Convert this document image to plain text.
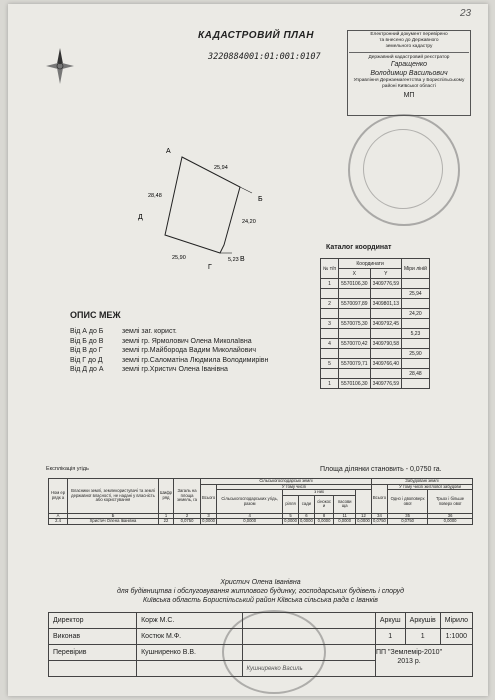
23
КАДАСТРОВИЙ ПЛАН
3220884001:01:001:0107
Електронний документ перевірено
та внесено до Державного
земельного кадастру
Державний кадастровий реєстратор
Гаращенко
Володимир Васильович
Управління Держземагентства у Бориспільському районі Київської області
МП
А
Б
В
Г
Д
25,94
24,20
5,23
25,90
28,48
Каталог координат
№ т/п	Координати		Міри ліній
	X	Y	
1	5570106,30	3409776,59	
			25,94
2	5570097,89	3409801,13	
			24,20
3	5570075,30	3409792,45	
			5,23
4	5570070,42	3409790,58	
			25,90
5	5570079,71	3409766,40	
			28,48
1	5570106,30	3409776,59	
ОПИС МЕЖ
Від А до Б	землі заг. корист.
Від Б до В	землі гр. Ярмолович Олена Миколаївна
Від В до Г	землі гр.Майборода Вадим Миколайович
Від Г до Д	землі гр.Саломатіна Людмила Володимирівн
Від Д до А	землі гр.Христич Олена Іванівна
Експлікація угідь	Площа ділянки становить - 0,0750 га.
Ном ер рядк а	Власники землі, землекористувачі та землі державної власності, не надані у власність або користування	Шифр ряд	Загаль на площа земель, га	Сільськогосподарські землі							Забудовані землі		
				Всього	У тому числі						Всього	У тому числі житлової забудови	
					Сільськогосподарських угідь, разом	з них						Одно і двоповерх ової	Трьох і більше поверх ової
						рілля	сади	сінокос и	пасови ща				
А	Б	1	2	3	4	5	6	8	11	12	34	35	36
2.4	Христич Олена Іванівна	22	0,0750	0,0000	0,0000	0,0000	0,0000	0,0000	0,0000	0,0000	0,0750	0,0750	0,0000
Христич Олена Іванівна
для будівництва і обслуговування житлового будинку, господарських будівель і споруд
Київська область Бориспільський район Кіївська сільська рада с Іванків
Директор	Корж М.С.		Аркуш	Аркушів	Мірило
Виконав	Костюк М.Ф.		1	1	1:1000
Перевірив	Кушниренко В.В.				
		Кушниренко Василь			
ПП "Землемір-2010"
2013 р.
